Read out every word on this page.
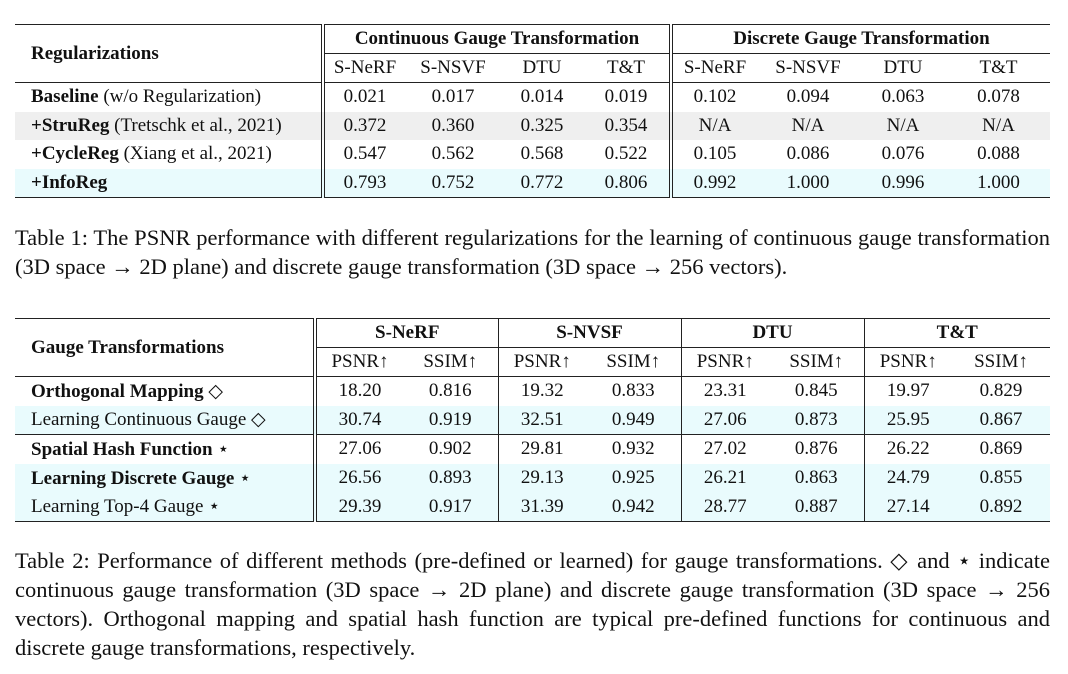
Regularizations	Continuous Gauge Transformation				Discrete Gauge Transformation			
	S-NeRF	S-NSVF	DTU	T&T	S-NeRF	S-NSVF	DTU	T&T
Baseline (w/o Regularization)	0.021	0.017	0.014	0.019	0.102	0.094	0.063	0.078
+StruReg (Tretschk et al., 2021)	0.372	0.360	0.325	0.354	N/A	N/A	N/A	N/A
+CycleReg (Xiang et al., 2021)	0.547	0.562	0.568	0.522	0.105	0.086	0.076	0.088
+InfoReg	0.793	0.752	0.772	0.806	0.992	1.000	0.996	1.000
Table 1: The PSNR performance with different regularizations for the learning of continuous gauge transformation (3D space → 2D plane) and discrete gauge transformation (3D space → 256 vectors).
Gauge Transformations	S-NeRF		S-NVSF		DTU		T&T	
	PSNR↑	SSIM↑	PSNR↑	SSIM↑	PSNR↑	SSIM↑	PSNR↑	SSIM↑
Orthogonal Mapping ◇	18.20	0.816	19.32	0.833	23.31	0.845	19.97	0.829
Learning Continuous Gauge ◇	30.74	0.919	32.51	0.949	27.06	0.873	25.95	0.867
Spatial Hash Function ⋆	27.06	0.902	29.81	0.932	27.02	0.876	26.22	0.869
Learning Discrete Gauge ⋆	26.56	0.893	29.13	0.925	26.21	0.863	24.79	0.855
Learning Top-4 Gauge ⋆	29.39	0.917	31.39	0.942	28.77	0.887	27.14	0.892
Table 2: Performance of different methods (pre-defined or learned) for gauge transformations. ◇ and ⋆ indicate continuous gauge transformation (3D space → 2D plane) and discrete gauge transformation (3D space → 256 vectors). Orthogonal mapping and spatial hash function are typical pre-defined functions for continuous and discrete gauge transformations, respectively.
